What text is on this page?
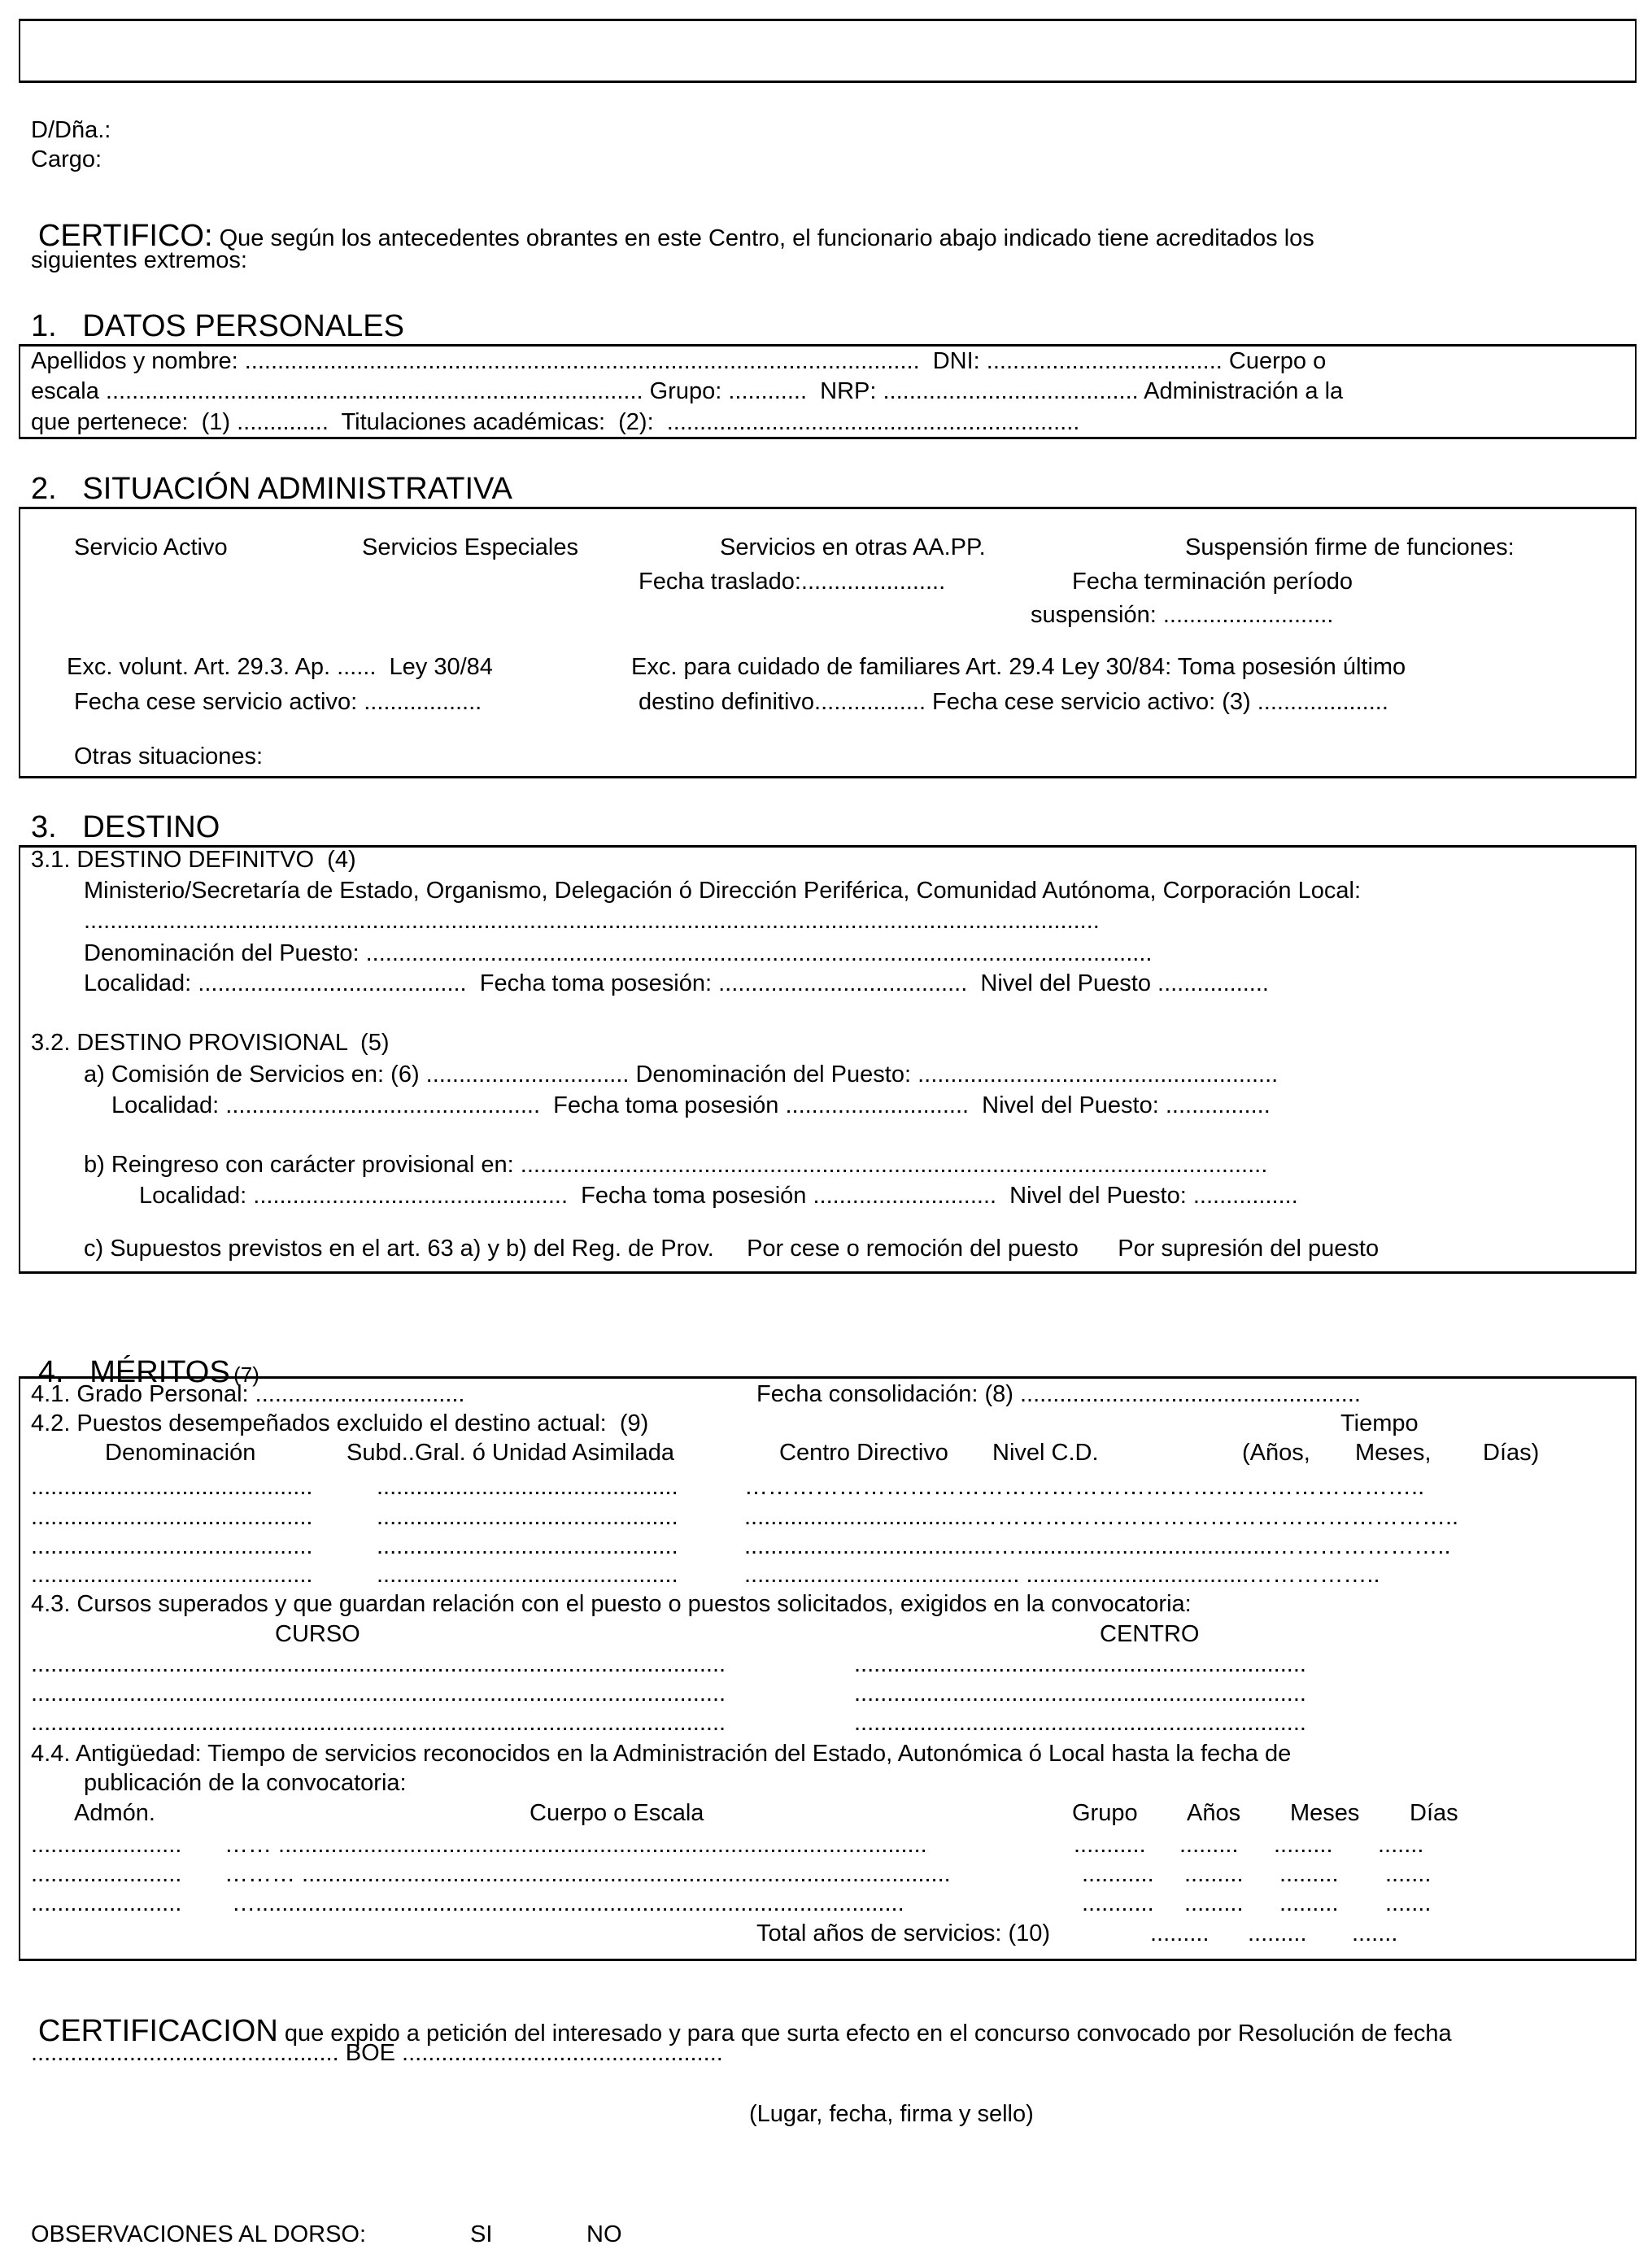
D/Dña.:
Cargo:

CERTIFICO: Que según los antecedentes obrantes en este Centro, el funcionario abajo indicado tiene acreditados los

siguientes extremos:
1.   DATOS PERSONALES
Apellidos y nombre: .......................................................................................................  DNI: .................................... Cuerpo o
escala .................................................................................. Grupo: ............  NRP: ....................................... Administración a la
que pertenece:  (1) ..............  Titulaciones académicas:  (2):  ...............................................................
2.   SITUACIÓN ADMINISTRATIVA
Servicio Activo	Servicios Especiales	Servicios en otras AA.PP.	Suspensión firme de funciones:
Fecha traslado:......................	Fecha terminación período
suspensión: ..........................
Exc. volunt. Art. 29.3. Ap. ......  Ley 30/84	Exc. para cuidado de familiares Art. 29.4 Ley 30/84: Toma posesión último
Fecha cese servicio activo: ..................	destino definitivo................. Fecha cese servicio activo: (3) ....................
Otras situaciones:
3.   DESTINO
3.1. DESTINO DEFINITVO  (4)
Ministerio/Secretaría de Estado, Organismo, Delegación ó Dirección Periférica, Comunidad Autónoma, Corporación Local:
...........................................................................................................................................................
Denominación del Puesto: ........................................................................................................................
Localidad: .........................................  Fecha toma posesión: ......................................  Nivel del Puesto .................
3.2. DESTINO PROVISIONAL  (5)
a) Comisión de Servicios en: (6) ............................... Denominación del Puesto: .......................................................
Localidad: ................................................  Fecha toma posesión ............................  Nivel del Puesto: ................
b) Reingreso con carácter provisional en: ..................................................................................................................
Localidad: ................................................  Fecha toma posesión ............................  Nivel del Puesto: ................
c) Supuestos previstos en el art. 63 a) y b) del Reg. de Prov.     Por cese o remoción del puesto      Por supresión del puesto

4.   MÉRITOS (7)

4.1. Grado Personal: ................................	Fecha consolidación: (8) ....................................................
4.2. Puestos desempeñados excluido el destino actual:  (9)	Tiempo
Denominación	Subd..Gral. ó Unidad Asimilada	Centro Directivo Nivel C.D.	(Años, Meses, Días)
...........................................	..............................................	…………………………………………………….……………………..
...........................................	..............................................	...................................……………………………………………………..
...........................................	..............................................	......................................….......................................…………………..
...........................................	..............................................	.......................................... ..................................……………..
4.3. Cursos superados y que guardan relación con el puesto o puestos solicitados, exigidos en la convocatoria:
CURSO	CENTRO
..........................................................................................................	.....................................................................
..........................................................................................................	.....................................................................
..........................................................................................................	.....................................................................
4.4. Antigüedad: Tiempo de servicios reconocidos en la Administración del Estado, Autonómica ó Local hasta la fecha de
publicación de la convocatoria:
Admón.	Cuerpo o Escala	Grupo Años Meses Días
....................... …… ...................................................................................................	........... ......... ......... .......
....................... ……… ...................................................................................................	........... ......... ......... .......
....................... …...................................................................................................	........... ......... ......... .......
Total años de servicios: (10)	......... ......... .......

CERTIFICACION que expido a petición del interesado y para que surta efecto en el concurso convocado por Resolución de fecha

............................................... BOE .................................................
(Lugar, fecha, firma y sello)
OBSERVACIONES AL DORSO:	SI	NO
